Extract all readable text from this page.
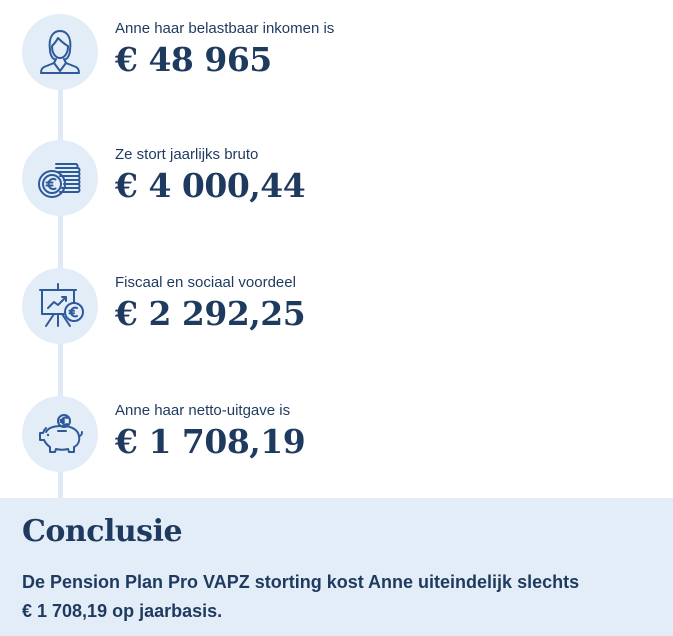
Anne haar belastbaar inkomen is
€ 48 965
Ze stort jaarlijks bruto
€ 4 000,44
Fiscaal en sociaal voordeel
€ 2 292,25
Anne haar netto-uitgave is
€ 1 708,19
Conclusie
De Pension Plan Pro VAPZ storting kost Anne uiteindelijk slechts
€ 1 708,19 op jaarbasis.
